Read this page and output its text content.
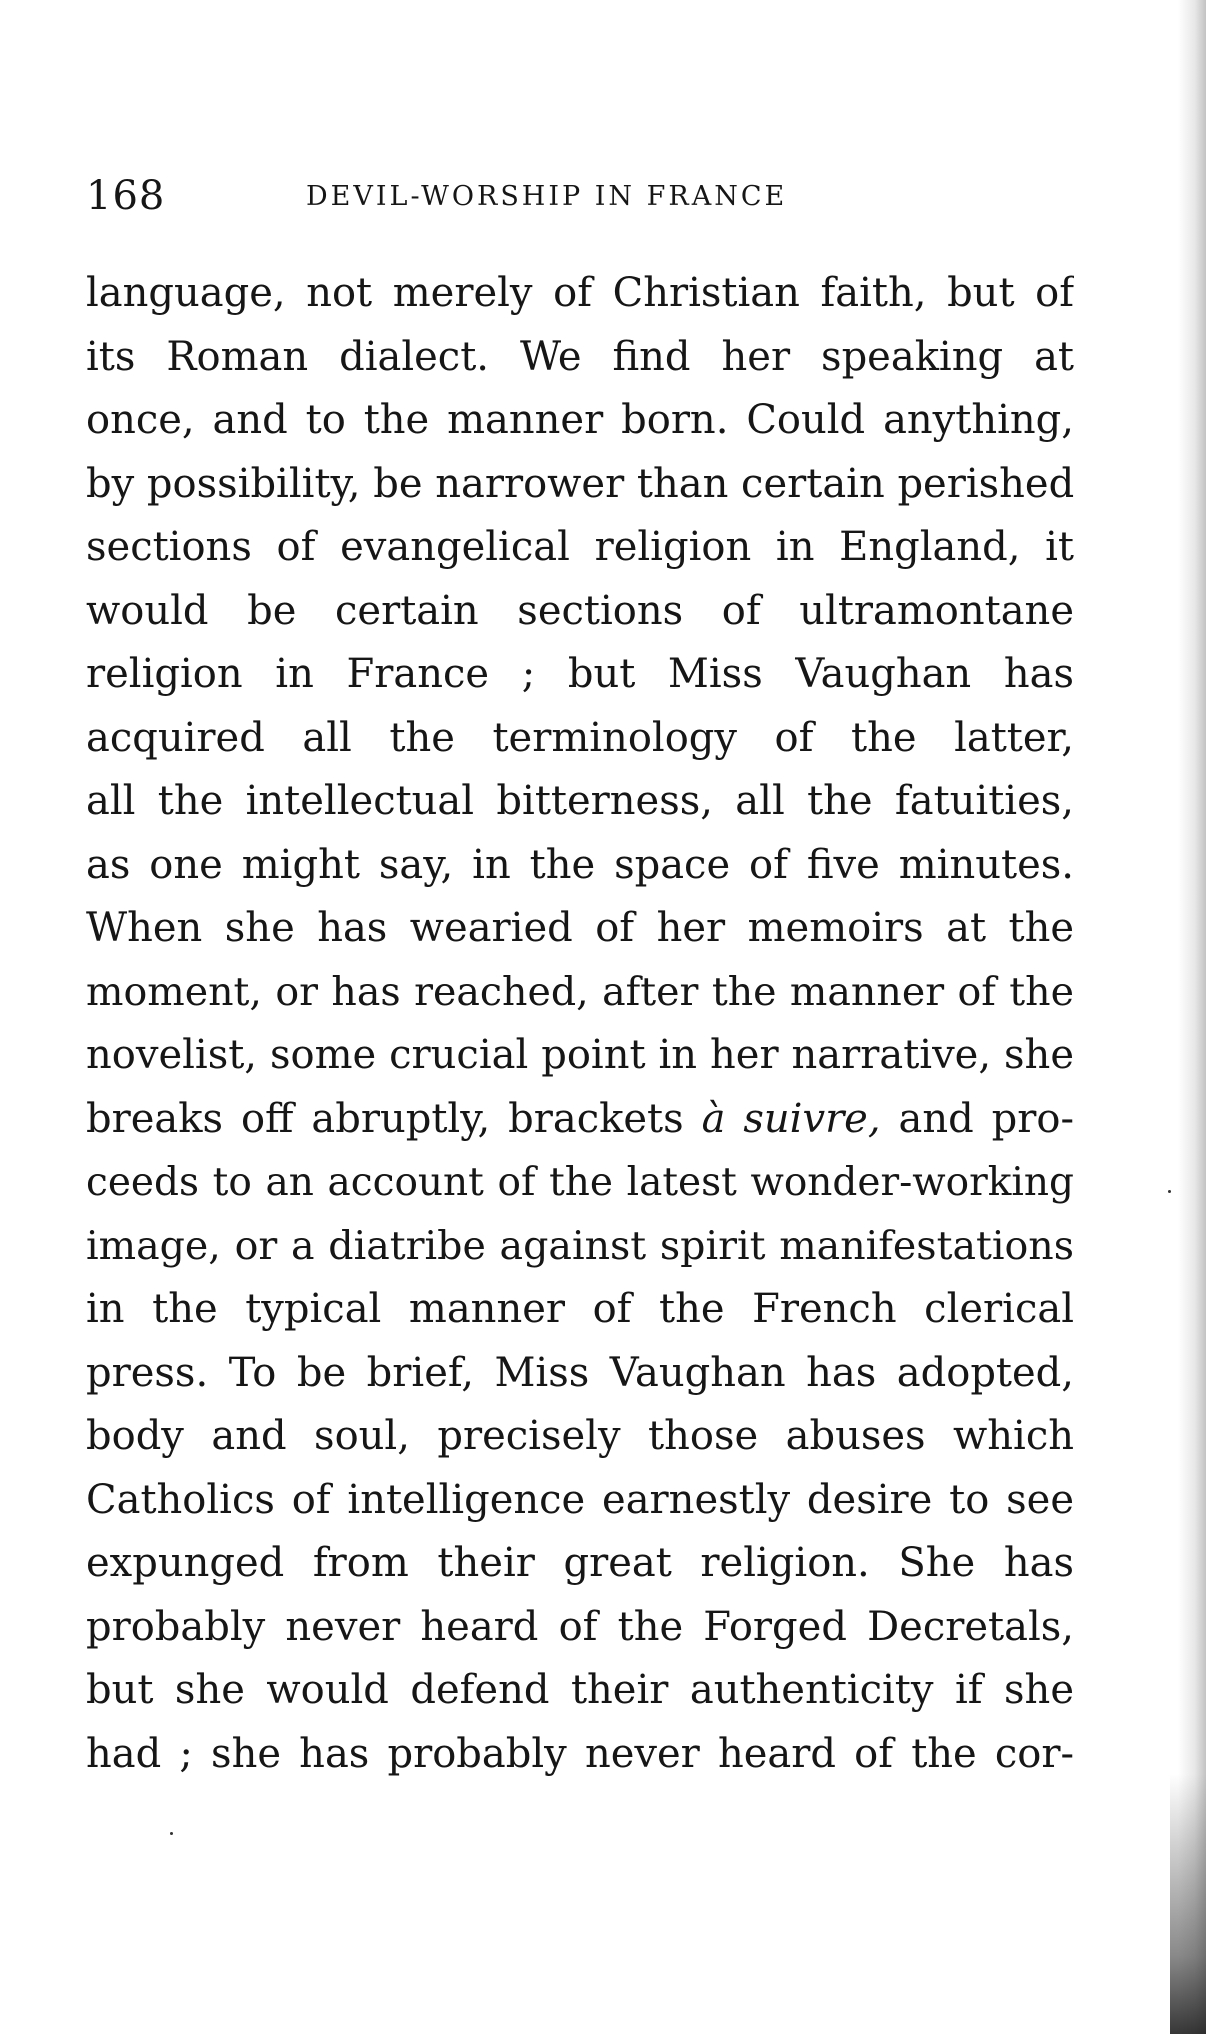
168	DEVIL-WORSHIP IN FRANCE
language, not merely of Christian faith, but of
its Roman dialect. We find her speaking at
once, and to the manner born. Could anything,
by possibility, be narrower than certain perished
sections of evangelical religion in England, it
would be certain sections of ultramontane
religion in France ; but Miss Vaughan has
acquired all the terminology of the latter,
all the intellectual bitterness, all the fatuities,
as one might say, in the space of five minutes.
When she has wearied of her memoirs at the
moment, or has reached, after the manner of the
novelist, some crucial point in her narrative, she
breaks off abruptly, brackets à suivre, and pro-
ceeds to an account of the latest wonder-working
image, or a diatribe against spirit manifestations
in the typical manner of the French clerical
press. To be brief, Miss Vaughan has adopted,
body and soul, precisely those abuses which
Catholics of intelligence earnestly desire to see
expunged from their great religion. She has
probably never heard of the Forged Decretals,
but she would defend their authenticity if she
had ; she has probably never heard of the cor-
